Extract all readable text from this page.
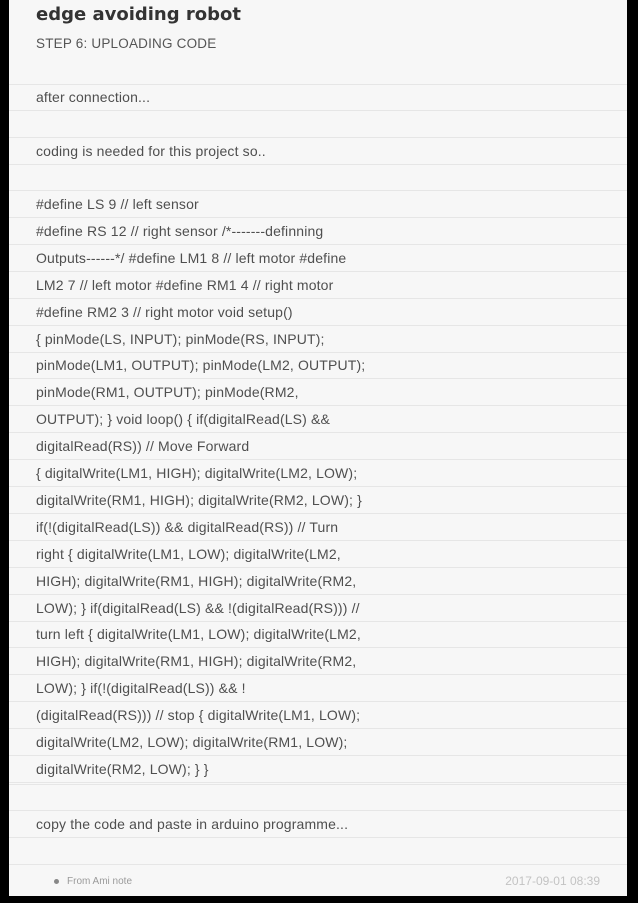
edge avoiding robot
STEP 6: UPLOADING CODE
after connection...
coding is needed for this project so..
#define LS 9 // left sensor
#define RS 12 // right sensor /*-------definning
Outputs------*/ #define LM1 8 // left motor #define
LM2 7 // left motor #define RM1 4 // right motor
#define RM2 3 // right motor void setup()
{ pinMode(LS, INPUT); pinMode(RS, INPUT);
pinMode(LM1, OUTPUT); pinMode(LM2, OUTPUT);
pinMode(RM1, OUTPUT); pinMode(RM2,
OUTPUT); } void loop() { if(digitalRead(LS) &&
digitalRead(RS)) // Move Forward
{ digitalWrite(LM1, HIGH); digitalWrite(LM2, LOW);
digitalWrite(RM1, HIGH); digitalWrite(RM2, LOW); }
if(!(digitalRead(LS)) && digitalRead(RS)) // Turn
right { digitalWrite(LM1, LOW); digitalWrite(LM2,
HIGH); digitalWrite(RM1, HIGH); digitalWrite(RM2,
LOW); } if(digitalRead(LS) && !(digitalRead(RS))) //
turn left { digitalWrite(LM1, LOW); digitalWrite(LM2,
HIGH); digitalWrite(RM1, HIGH); digitalWrite(RM2,
LOW); } if(!(digitalRead(LS)) && !
(digitalRead(RS))) // stop { digitalWrite(LM1, LOW);
digitalWrite(LM2, LOW); digitalWrite(RM1, LOW);
digitalWrite(RM2, LOW); } }
copy the code and paste in arduino programme...
From Ami note	2017-09-01 08:39
